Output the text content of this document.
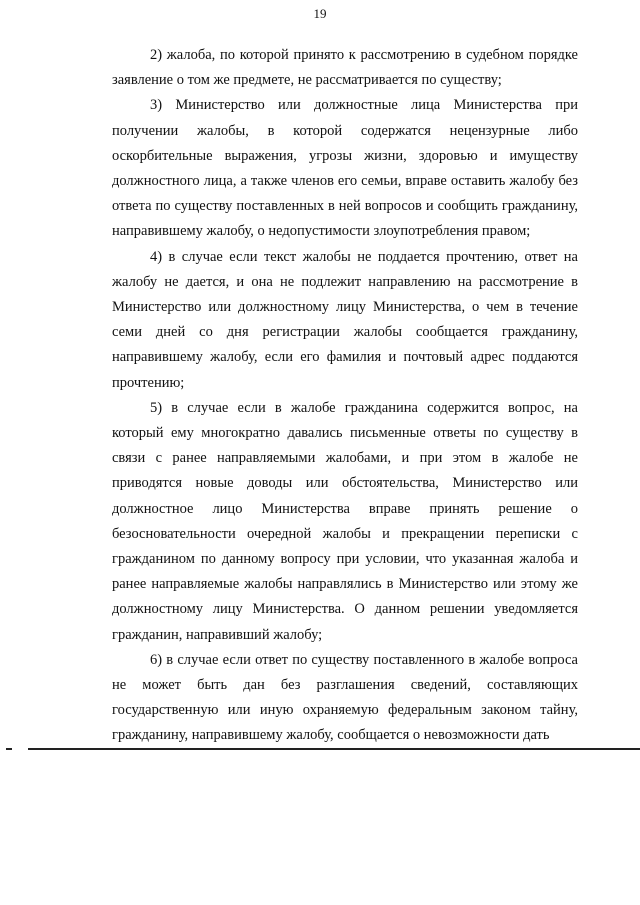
19

2) жалоба, по которой принято к рассмотрению в судебном порядке заявление о том же предмете, не рассматривается по существу;

3) Министерство или должностные лица Министерства при получении жалобы, в которой содержатся нецензурные либо оскорбительные выражения, угрозы жизни, здоровью и имуществу должностного лица, а также членов его семьи, вправе оставить жалобу без ответа по существу поставленных в ней вопросов и сообщить гражданину, направившему жалобу, о недопустимости злоупотребления правом;

4) в случае если текст жалобы не поддается прочтению, ответ на жалобу не дается, и она не подлежит направлению на рассмотрение в Министерство или должностному лицу Министерства, о чем в течение семи дней со дня регистрации жалобы сообщается гражданину, направившему жалобу, если его фамилия и почтовый адрес поддаются прочтению;

5) в случае если в жалобе гражданина содержится вопрос, на который ему многократно давались письменные ответы по существу в связи с ранее направляемыми жалобами, и при этом в жалобе не приводятся новые доводы или обстоятельства, Министерство или должностное лицо Министерства вправе принять решение о безосновательности очередной жалобы и прекращении переписки с гражданином по данному вопросу при условии, что указанная жалоба и ранее направляемые жалобы направлялись в Министерство или этому же должностному лицу Министерства. О данном решении уведомляется гражданин, направивший жалобу;

6) в случае если ответ по существу поставленного в жалобе вопроса не может быть дан без разглашения сведений, составляющих государственную или иную охраняемую федеральным законом тайну, гражданину, направившему жалобу, сообщается о невозможности дать
